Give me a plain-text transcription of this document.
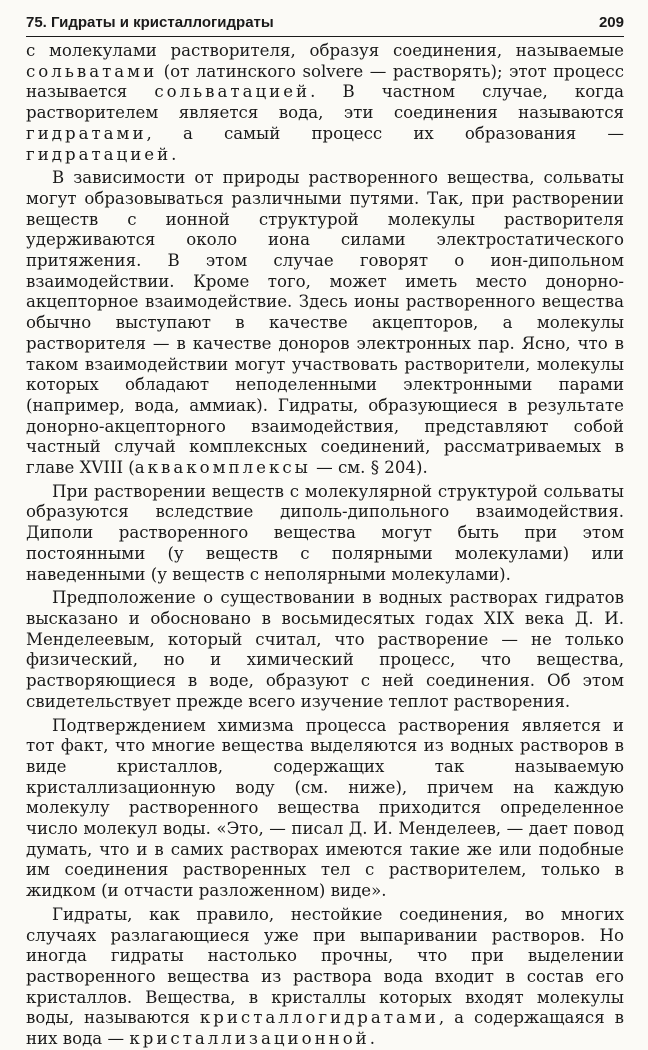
75. Гидраты и кристаллогидраты	209

с молекулами растворителя, образуя соединения, называемые сольватами (от латинского solvere — растворять); этот процесс называется сольватацией. В частном случае, когда растворителем является вода, эти соединения называются гидратами, а самый процесс их образования — гидратацией.

В зависимости от природы растворенного вещества, сольваты могут образовываться различными путями. Так, при растворении веществ с ионной структурой молекулы растворителя удерживаются около иона силами электростатического притяжения. В этом случае говорят о ион-дипольном взаимодействии. Кроме того, может иметь место донорно-акцепторное взаимодействие. Здесь ионы растворенного вещества обычно выступают в качестве акцепторов, а молекулы растворителя — в качестве доноров электронных пар. Ясно, что в таком взаимодействии могут участвовать растворители, молекулы которых обладают неподеленными электронными парами (например, вода, аммиак). Гидраты, образующиеся в результате донорно-акцепторного взаимодействия, представляют собой частный случай комплексных соединений, рассматриваемых в главе XVIII (аквакомплексы — см. § 204).

При растворении веществ с молекулярной структурой сольваты образуются вследствие диполь-дипольного взаимодействия. Диполи растворенного вещества могут быть при этом постоянными (у веществ с полярными молекулами) или наведенными (у веществ с неполярными молекулами).

Предположение о существовании в водных растворах гидратов высказано и обосновано в восьмидесятых годах XIX века Д. И. Менделеевым, который считал, что растворение — не только физический, но и химический процесс, что вещества, растворяющиеся в воде, образуют с ней соединения. Об этом свидетельствует прежде всего изучение теплот растворения.

Подтверждением химизма процесса растворения является и тот факт, что многие вещества выделяются из водных растворов в виде кристаллов, содержащих так называемую кристаллизационную воду (см. ниже), причем на каждую молекулу растворенного вещества приходится определенное число молекул воды. «Это, — писал Д. И. Менделеев, — дает повод думать, что и в самих растворах имеются такие же или подобные им соединения растворенных тел с растворителем, только в жидком (и отчасти разложенном) виде».

Гидраты, как правило, нестойкие соединения, во многих случаях разлагающиеся уже при выпаривании растворов. Но иногда гидраты настолько прочны, что при выделении растворенного вещества из раствора вода входит в состав его кристаллов. Вещества, в кристаллы которых входят молекулы воды, называются кристаллогидратами, а содержащаяся в них вода — кристаллизационной.
